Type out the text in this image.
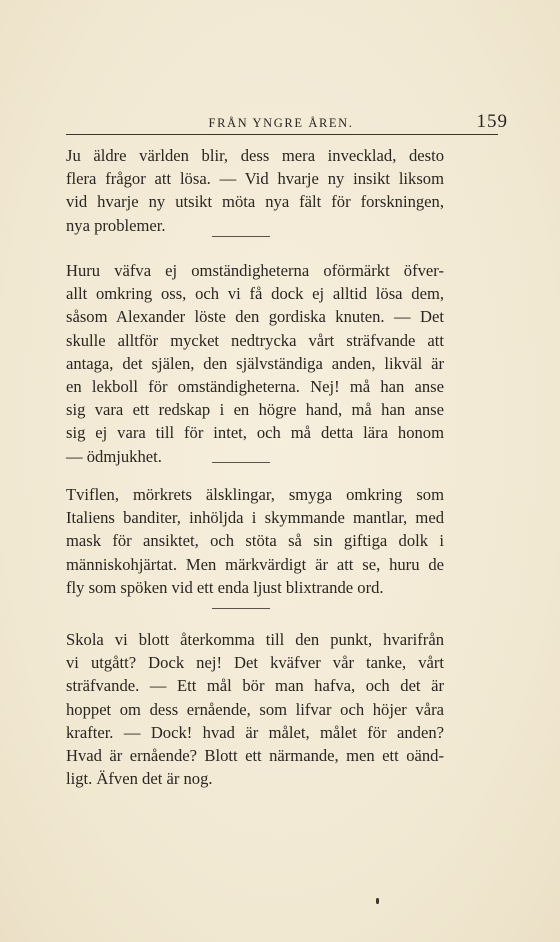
FRÅN YNGRE ÅREN.	159
Ju äldre världen blir, dess mera invecklad, desto
flera frågor att lösa. — Vid hvarje ny insikt liksom
vid hvarje ny utsikt möta nya fält för forskningen,
nya problemer.
Huru väfva ej omständigheterna oförmärkt öfver-
allt omkring oss, och vi få dock ej alltid lösa dem,
såsom Alexander löste den gordiska knuten. — Det
skulle alltför mycket nedtrycka vårt sträfvande att
antaga, det själen, den självständiga anden, likväl är
en lekboll för omständigheterna. Nej! må han anse
sig vara ett redskap i en högre hand, må han anse
sig ej vara till för intet, och må detta lära honom
— ödmjukhet.
Tviflen, mörkrets älsklingar, smyga omkring som
Italiens banditer, inhöljda i skymmande mantlar, med
mask för ansiktet, och stöta så sin giftiga dolk i
människohjärtat. Men märkvärdigt är att se, huru de
fly som spöken vid ett enda ljust blixtrande ord.
Skola vi blott återkomma till den punkt, hvarifrån
vi utgått? Dock nej! Det kväfver vår tanke, vårt
sträfvande. — Ett mål bör man hafva, och det är
hoppet om dess ernående, som lifvar och höjer våra
krafter. — Dock! hvad är målet, målet för anden?
Hvad är ernående? Blott ett närmande, men ett oänd-
ligt. Äfven det är nog.
